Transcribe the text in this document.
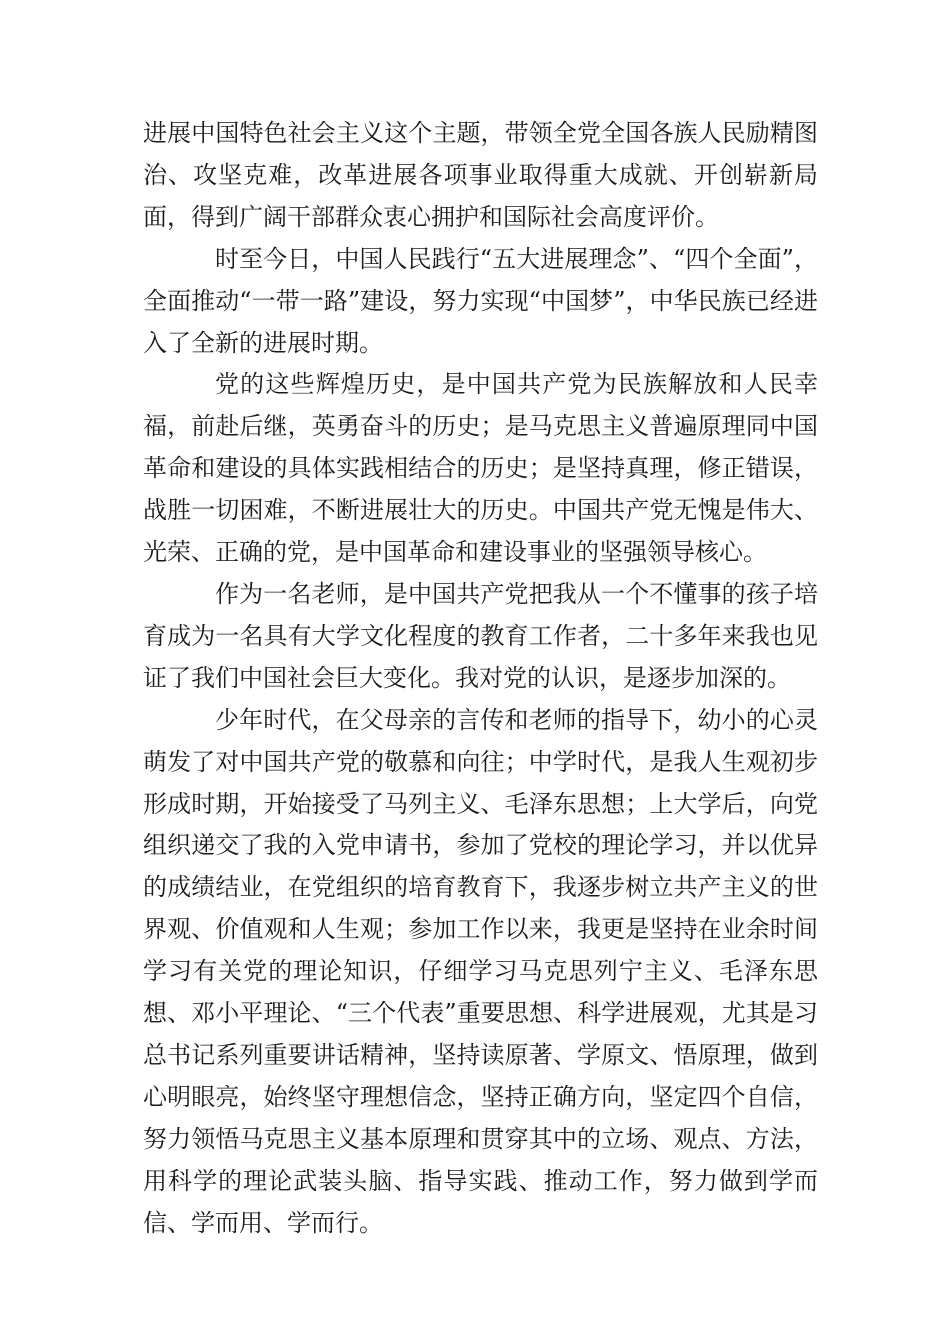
进展中国特色社会主义这个主题，带领全党全国各族人民励精图治、攻坚克难，改革进展各项事业取得重大成就、开创崭新局面，得到广阔干部群众衷心拥护和国际社会高度评价。

时至今日，中国人民践行“五大进展理念”、“四个全面”，全面推动“一带一路”建设，努力实现“中国梦”，中华民族已经进入了全新的进展时期。

党的这些辉煌历史，是中国共产党为民族解放和人民幸福，前赴后继，英勇奋斗的历史；是马克思主义普遍原理同中国革命和建设的具体实践相结合的历史；是坚持真理，修正错误，战胜一切困难，不断进展壮大的历史。中国共产党无愧是伟大、光荣、正确的党，是中国革命和建设事业的坚强领导核心。

作为一名老师，是中国共产党把我从一个不懂事的孩子培育成为一名具有大学文化程度的教育工作者，二十多年来我也见证了我们中国社会巨大变化。我对党的认识，是逐步加深的。

少年时代，在父母亲的言传和老师的指导下，幼小的心灵萌发了对中国共产党的敬慕和向往；中学时代，是我人生观初步形成时期，开始接受了马列主义、毛泽东思想；上大学后，向党组织递交了我的入党申请书，参加了党校的理论学习，并以优异的成绩结业，在党组织的培育教育下，我逐步树立共产主义的世界观、价值观和人生观；参加工作以来，我更是坚持在业余时间学习有关党的理论知识，仔细学习马克思列宁主义、毛泽东思想、邓小平理论、“三个代表”重要思想、科学进展观，尤其是习总书记系列重要讲话精神，坚持读原著、学原文、悟原理，做到心明眼亮，始终坚守理想信念，坚持正确方向，坚定四个自信，努力领悟马克思主义基本原理和贯穿其中的立场、观点、方法，用科学的理论武装头脑、指导实践、推动工作，努力做到学而信、学而用、学而行。
